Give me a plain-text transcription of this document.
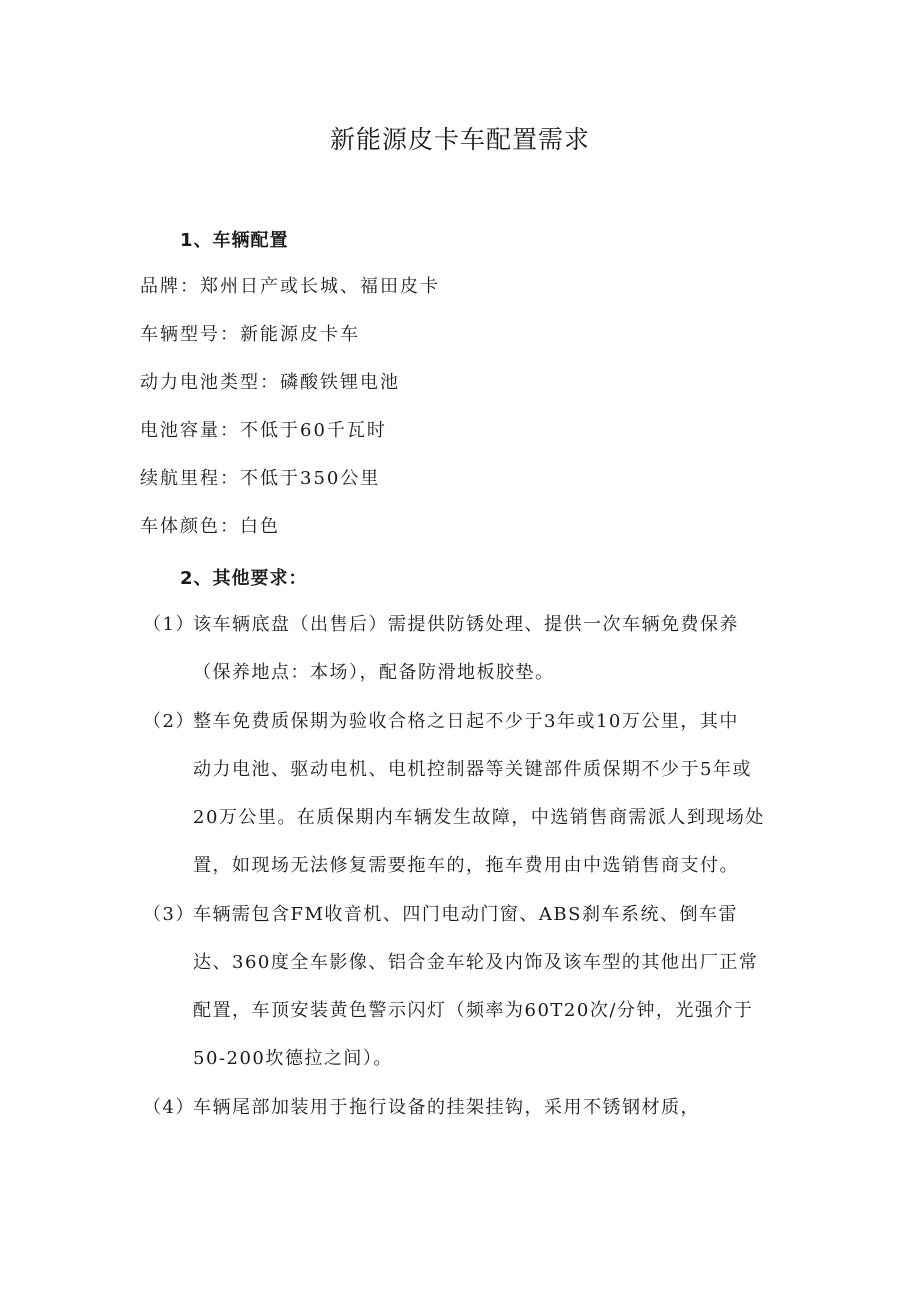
新能源皮卡车配置需求
1、车辆配置
品牌：郑州日产或长城、福田皮卡
车辆型号：新能源皮卡车
动力电池类型：磷酸铁锂电池
电池容量：不低于60千瓦时
续航里程：不低于350公里
车体颜色：白色
2、其他要求：
（1）
该车辆底盘（出售后）需提供防锈处理、提供一次车辆免费保养
（保养地点：本场），配备防滑地板胶垫。
（2）
整车免费质保期为验收合格之日起不少于3年或10万公里，其中
动力电池、驱动电机、电机控制器等关键部件质保期不少于5年或
20万公里。在质保期内车辆发生故障，中选销售商需派人到现场处
置，如现场无法修复需要拖车的，拖车费用由中选销售商支付。
（3）
车辆需包含FM收音机、四门电动门窗、ABS刹车系统、倒车雷
达、360度全车影像、铝合金车轮及内饰及该车型的其他出厂正常
配置，车顶安装黄色警示闪灯（频率为60T20次/分钟，光强介于
50-200坎德拉之间）。
（4）
车辆尾部加装用于拖行设备的挂架挂钩，采用不锈钢材质，
